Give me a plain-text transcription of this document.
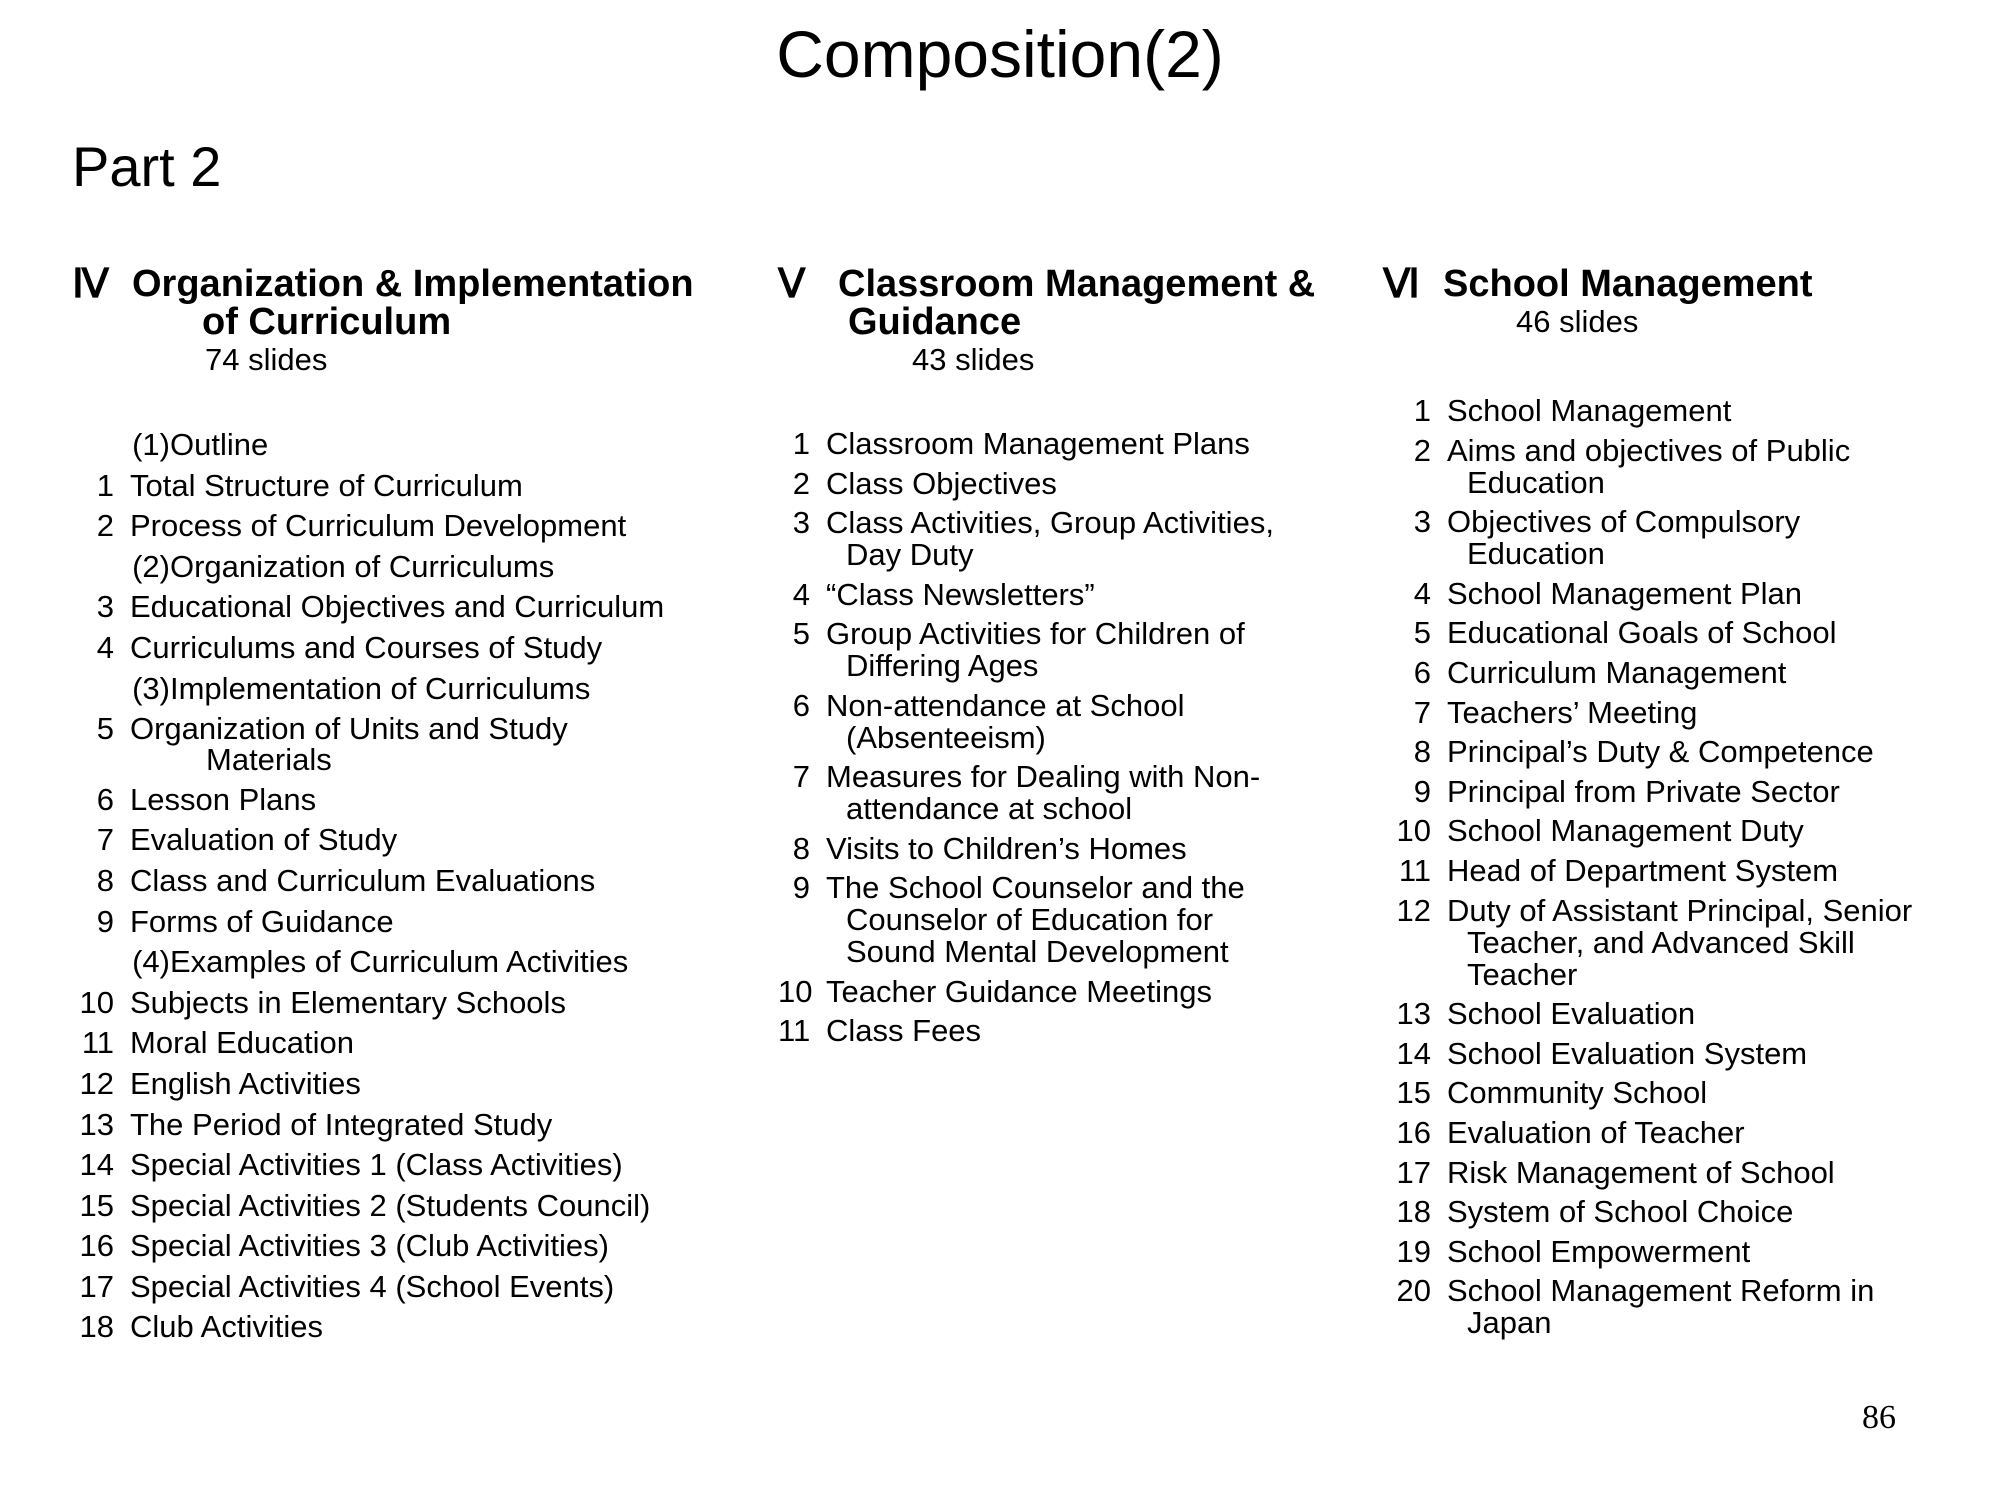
Composition(2)
Part 2
Ⅳ Organization & Implementation
of Curriculum
74 slides
(1) Outline
1 Total Structure of Curriculum
2 Process of Curriculum Development
(2) Organization of Curriculums
3 Educational Objectives and Curriculum
4 Curriculums and Courses of Study
(3) Implementation of Curriculums
5 Organization of Units and Study
Materials
6 Lesson Plans
7 Evaluation of Study
8 Class and Curriculum Evaluations
9 Forms of Guidance
(4) Examples of Curriculum Activities
10 Subjects in Elementary Schools
11 Moral Education
12 English Activities
13 The Period of Integrated Study
14 Special Activities 1 (Class Activities)
15 Special Activities 2 (Students Council)
16 Special Activities 3 (Club Activities)
17 Special Activities 4 (School Events)
18 Club Activities
Ⅴ Classroom Management &
Guidance
43 slides
1 Classroom Management Plans
2 Class Objectives
3 Class Activities, Group Activities,
Day Duty
4 “Class Newsletters”
5 Group Activities for Children of
Differing Ages
6 Non-attendance at School
(Absenteeism)
7 Measures for Dealing with Non-
attendance at school
8 Visits to Children’s Homes
9 The School Counselor and the
Counselor of Education for
Sound Mental Development
10 Teacher Guidance Meetings
11 Class Fees
Ⅵ School Management
46 slides
1 School Management
2 Aims and objectives of Public
Education
3 Objectives of Compulsory
Education
4 School Management Plan
5 Educational Goals of School
6 Curriculum Management
7 Teachers’ Meeting
8 Principal’s Duty & Competence
9 Principal from Private Sector
10 School Management Duty
11 Head of Department System
12 Duty of Assistant Principal, Senior
Teacher, and Advanced Skill
Teacher
13 School Evaluation
14 School Evaluation System
15 Community School
16 Evaluation of Teacher
17 Risk Management of School
18 System of School Choice
19 School Empowerment
20 School Management Reform in
Japan
86
